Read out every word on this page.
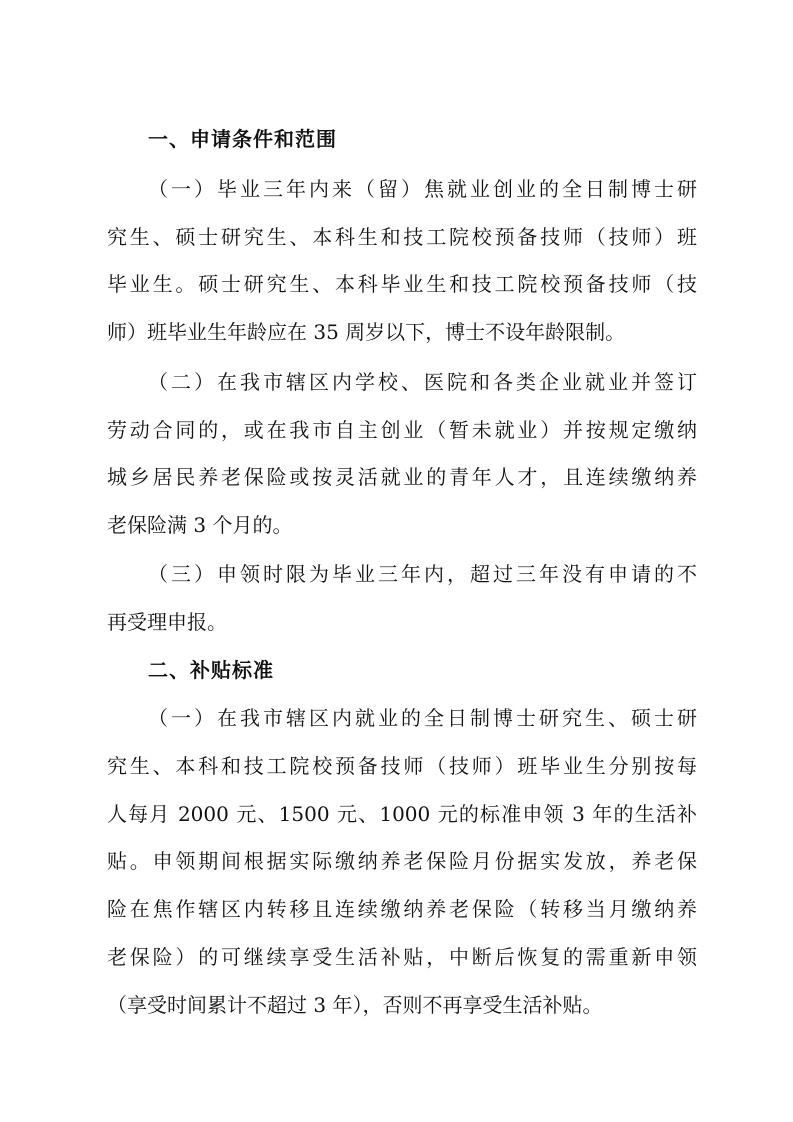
一、申请条件和范围
（一）毕业三年内来（留）焦就业创业的全日制博士研
究生、硕士研究生、本科生和技工院校预备技师（技师）班
毕业生。硕士研究生、本科毕业生和技工院校预备技师（技
师）班毕业生年龄应在 35 周岁以下，博士不设年龄限制。
（二）在我市辖区内学校、医院和各类企业就业并签订
劳动合同的，或在我市自主创业（暂未就业）并按规定缴纳
城乡居民养老保险或按灵活就业的青年人才，且连续缴纳养
老保险满 3 个月的。
（三）申领时限为毕业三年内，超过三年没有申请的不
再受理申报。
二、补贴标准
（一）在我市辖区内就业的全日制博士研究生、硕士研
究生、本科和技工院校预备技师（技师）班毕业生分别按每
人每月 2000 元、1500 元、1000 元的标准申领 3 年的生活补
贴。申领期间根据实际缴纳养老保险月份据实发放，养老保
险在焦作辖区内转移且连续缴纳养老保险（转移当月缴纳养
老保险）的可继续享受生活补贴，中断后恢复的需重新申领
（享受时间累计不超过 3 年），否则不再享受生活补贴。
